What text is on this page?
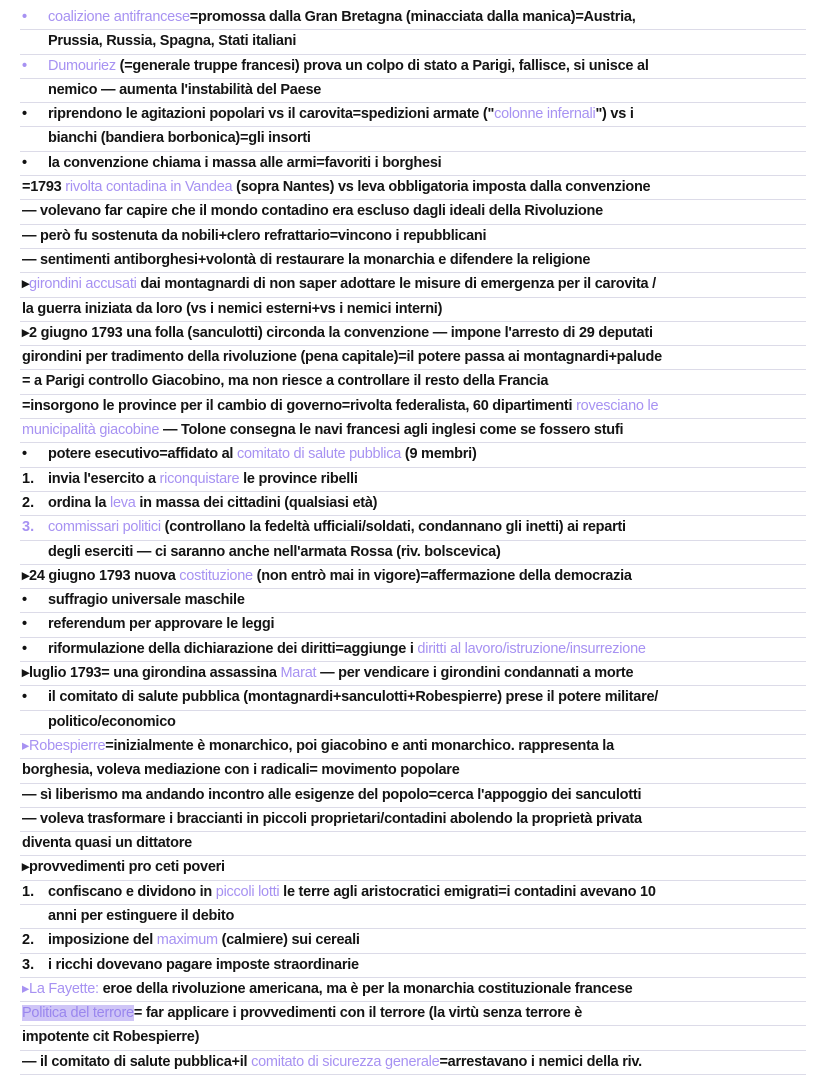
• coalizione antifrancese=promossa dalla Gran Bretagna (minacciata dalla manica)=Austria,
Prussia, Russia, Spagna, Stati italiani
• Dumouriez (=generale truppe francesi) prova un colpo di stato a Parigi, fallisce, si unisce al
nemico — aumenta l'instabilità del Paese
• riprendono le agitazioni popolari vs il carovita=spedizioni armate ("colonne infernali") vs i
bianchi (bandiera borbonica)=gli insorti
• la convenzione chiama i massa alle armi=favoriti i borghesi
=1793 rivolta contadina in Vandea (sopra Nantes) vs leva obbligatoria imposta dalla convenzione
— volevano far capire che il mondo contadino era escluso dagli ideali della Rivoluzione
— però fu sostenuta da nobili+clero refrattario=vincono i repubblicani
— sentimenti antiborghesi+volontà di restaurare la monarchia e difendere la religione
▸girondini accusati dai montagnardi di non saper adottare le misure di emergenza per il carovita /
la guerra iniziata da loro (vs i nemici esterni+vs i nemici interni)
▸2 giugno 1793 una folla (sanculotti) circonda la convenzione — impone l'arresto di 29 deputati
girondini per tradimento della rivoluzione (pena capitale)=il potere passa ai montagnardi+palude
= a Parigi controllo Giacobino, ma non riesce a controllare il resto della Francia
=insorgono le province per il cambio di governo=rivolta federalista, 60 dipartimenti rovesciano le
municipalità giacobine — Tolone consegna le navi francesi agli inglesi come se fossero stufi
• potere esecutivo=affidato al comitato di salute pubblica (9 membri)
1. invia l'esercito a riconquistare le province ribelli
2. ordina la leva in massa dei cittadini (qualsiasi età)
3. commissari politici (controllano la fedeltà ufficiali/soldati, condannano gli inetti) ai reparti
degli eserciti — ci saranno anche nell'armata Rossa (riv. bolscevica)
▸24 giugno 1793 nuova costituzione (non entrò mai in vigore)=affermazione della democrazia
• suffragio universale maschile
• referendum per approvare le leggi
• riformulazione della dichiarazione dei diritti=aggiunge i diritti al lavoro/istruzione/insurrezione
▸luglio 1793= una girondina assassina Marat — per vendicare i girondini condannati a morte
• il comitato di salute pubblica (montagnardi+sanculotti+Robespierre) prese il potere militare/
politico/economico
▸Robespierre=inizialmente è monarchico, poi giacobino e anti monarchico. rappresenta la
borghesia, voleva mediazione con i radicali= movimento popolare
— sì liberismo ma andando incontro alle esigenze del popolo=cerca l'appoggio dei sanculotti
— voleva trasformare i braccianti in piccoli proprietari/contadini abolendo la proprietà privata
diventa quasi un dittatore
▸provvedimenti pro ceti poveri
1. confiscano e dividono in piccoli lotti le terre agli aristocratici emigrati=i contadini avevano 10
anni per estinguere il debito
2. imposizione del maximum (calmiere) sui cereali
3. i ricchi dovevano pagare imposte straordinarie
▸La Fayette: eroe della rivoluzione americana, ma è per la monarchia costituzionale francese
Politica del terrore= far applicare i provvedimenti con il terrore (la virtù senza terrore è
impotente cit Robespierre)
— il comitato di salute pubblica+il comitato di sicurezza generale=arrestavano i nemici della riv.
